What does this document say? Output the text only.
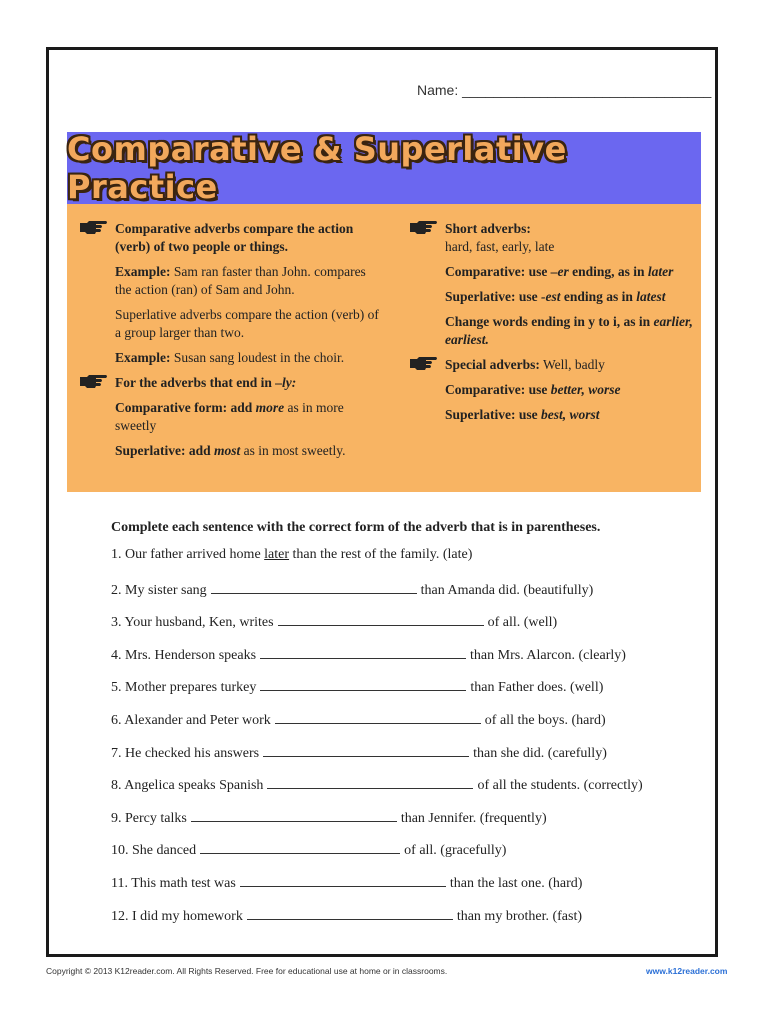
Name: ________________________________
Comparative & Superlative Practice
Comparative adverbs compare the action (verb) of two people or things.
Example: Sam ran faster than John. compares the action (ran) of Sam and John.
Superlative adverbs compare the action (verb) of a group larger than two.
Example: Susan sang loudest in the choir.
For the adverbs that end in –ly:
Comparative form: add more as in more sweetly
Superlative: add most as in most sweetly.
Short adverbs:
hard, fast, early, late
Comparative: use –er ending, as in later
Superlative: use -est ending as in latest
Change words ending in y to i, as in earlier, earliest.
Special adverbs: Well, badly
Comparative: use better, worse
Superlative: use best, worst
Complete each sentence with the correct form of the adverb that is in parentheses.
1. Our father arrived home later than the rest of the family. (late)
2. My sister sang	than Amanda did. (beautifully)
3. Your husband, Ken, writes	of all. (well)
4. Mrs. Henderson speaks	than Mrs. Alarcon. (clearly)
5. Mother prepares turkey	than Father does. (well)
6. Alexander and Peter work	of all the boys. (hard)
7. He checked his answers	than she did. (carefully)
8. Angelica speaks Spanish	of all the students. (correctly)
9. Percy talks	than Jennifer. (frequently)
10. She danced	of all. (gracefully)
11. This math test was	than the last one. (hard)
12. I did my homework	than my brother. (fast)
Copyright © 2013 K12reader.com. All Rights Reserved. Free for educational use at home or in classrooms.	www.k12reader.com
